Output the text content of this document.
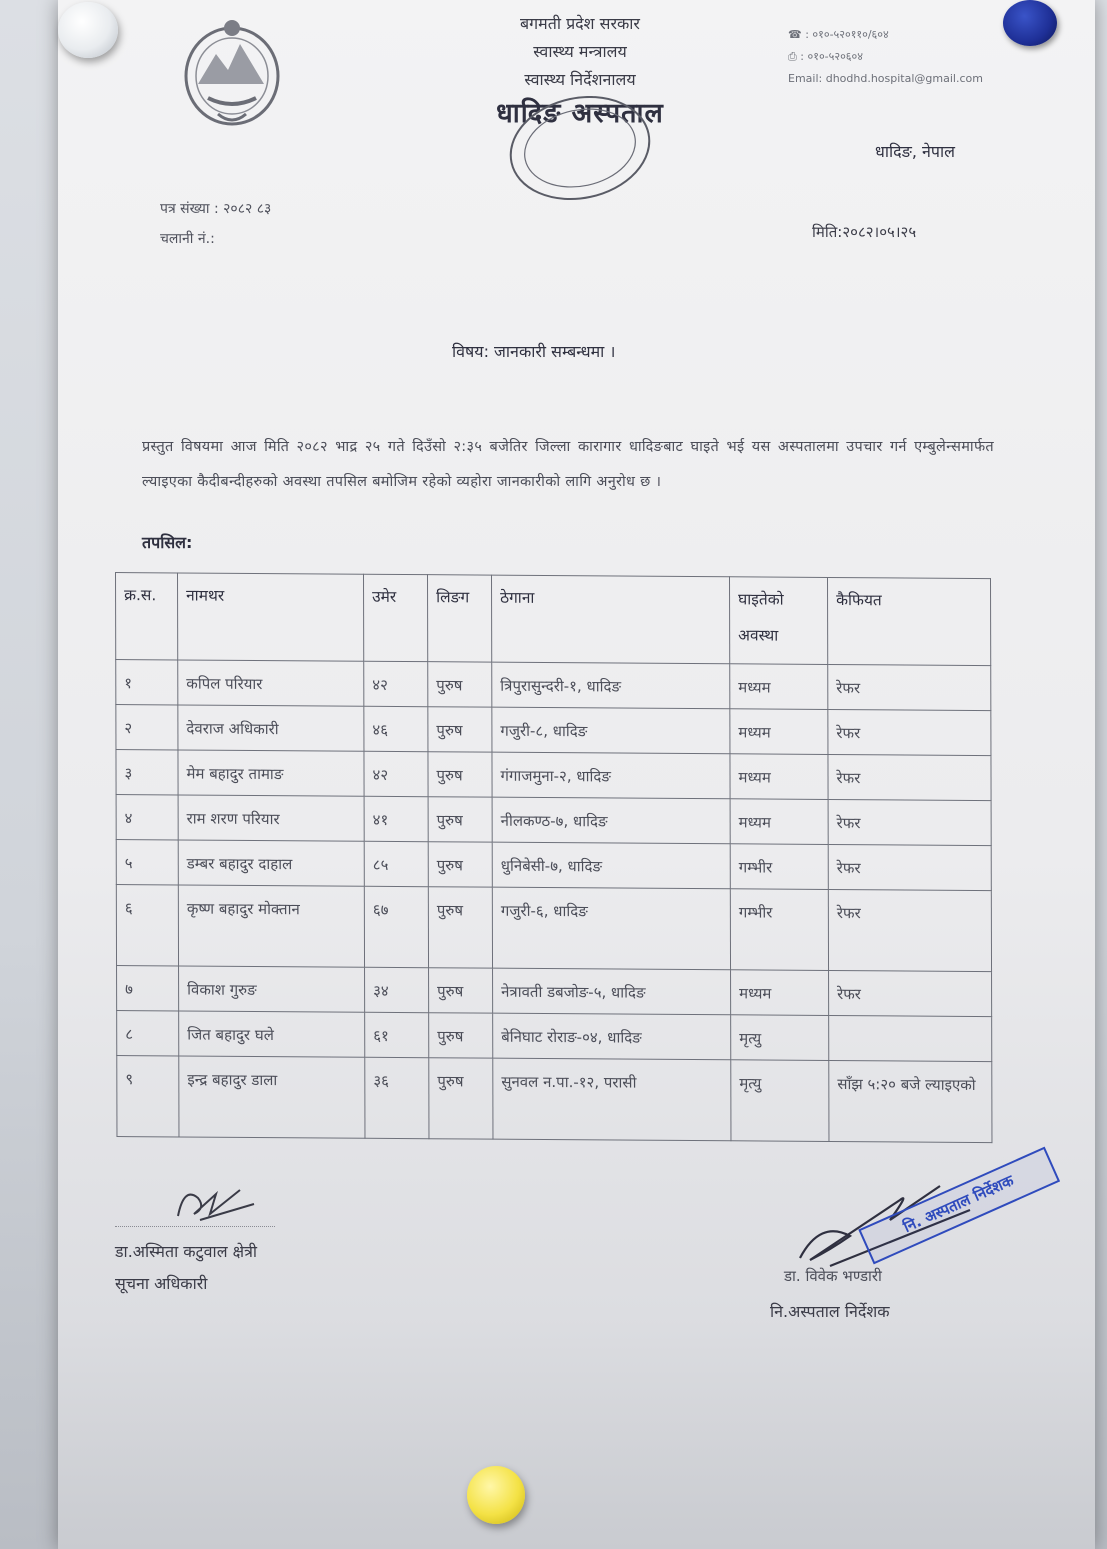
बगमती प्रदेश सरकार
स्वास्थ्य मन्त्रालय
स्वास्थ्य निर्देशनालय
धादिङ अस्पताल
☎ : ०१०-५२०११०/६०४
⎙ : ०१०-५२०६०४
Email: dhodhd.hospital@gmail.com
धादिङ, नेपाल
पत्र संख्या : २०८२ ८३
चलानी नं.:	मिति:२०८२।०५।२५
विषय: जानकारी सम्बन्धमा ।
प्रस्तुत विषयमा आज मिति २०८२ भाद्र २५ गते दिउँसो २:३५ बजेतिर जिल्ला कारागार धादिङबाट घाइते भई यस अस्पतालमा उपचार गर्न एम्बुलेन्समार्फत ल्याइएका कैदीबन्दीहरुको अवस्था तपसिल बमोजिम रहेको व्यहोरा जानकारीको लागि अनुरोध छ ।
तपसिल:
क्र.स.	नामथर	उमेर	लिङग	ठेगाना	घाइतेको अवस्था	कैफियत
१	कपिल परियार	४२	पुरुष	त्रिपुरासुन्दरी-१, धादिङ	मध्यम	रेफर
२	देवराज अधिकारी	४६	पुरुष	गजुरी-८, धादिङ	मध्यम	रेफर
३	मेम बहादुर तामाङ	४२	पुरुष	गंगाजमुना-२, धादिङ	मध्यम	रेफर
४	राम शरण परियार	४१	पुरुष	नीलकण्ठ-७, धादिङ	मध्यम	रेफर
५	डम्बर बहादुर दाहाल	८५	पुरुष	धुनिबेसी-७, धादिङ	गम्भीर	रेफर
६	कृष्ण बहादुर मोक्तान	६७	पुरुष	गजुरी-६, धादिङ	गम्भीर	रेफर
७	विकाश गुरुङ	३४	पुरुष	नेत्रावती डबजोङ-५, धादिङ	मध्यम	रेफर
८	जित बहादुर घले	६१	पुरुष	बेनिघाट रोराङ-०४, धादिङ	मृत्यु	
९	इन्द्र बहादुर डाला	३६	पुरुष	सुनवल न.पा.-१२, परासी	मृत्यु	साँझ ५:२० बजे ल्याइएको
डा.अस्मिता कटुवाल क्षेत्री
सूचना अधिकारी	डा. विवेक भण्डारी
नि.अस्पताल निर्देशक
नि. अस्पताल निर्देशक
